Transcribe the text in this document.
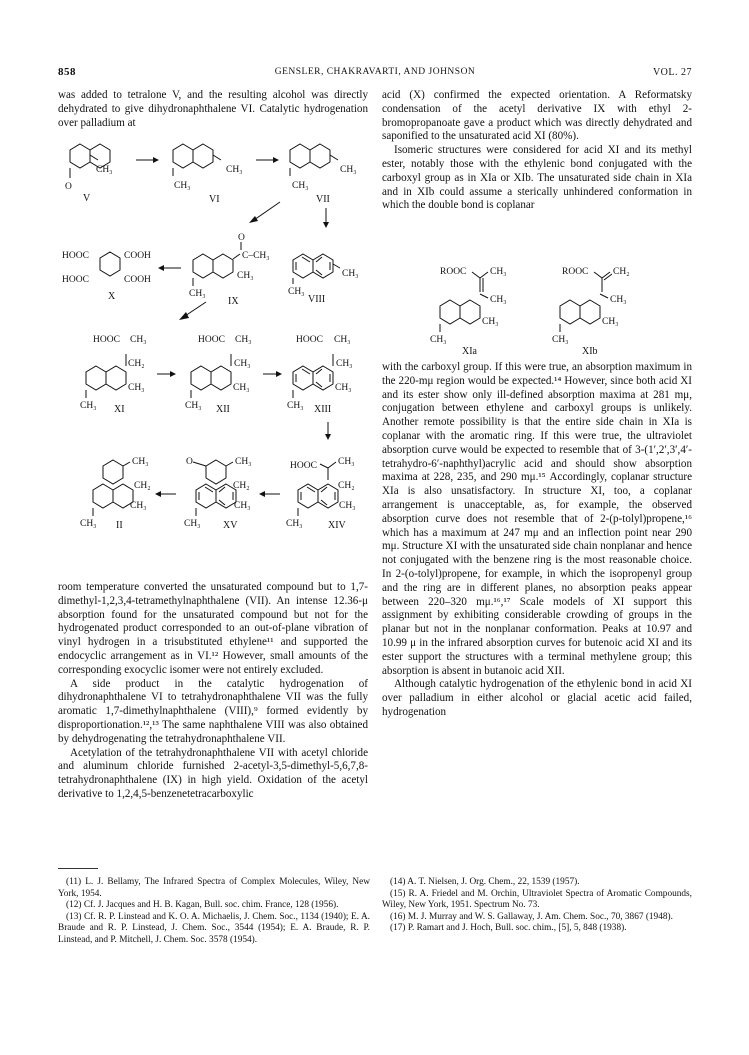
858	GENSLER, CHAKRAVARTI, AND JOHNSON	VOL. 27

was added to tetralone V, and the resulting alcohol was directly dehydrated to give dihydronaphthalene VI. Catalytic hydrogenation over palladium at

CH₃
O
V
CH₃
CH₃
VI
CH₃
CH₃
VII
HOOC
HOOC
COOH
COOH
X
O
C–CH₃
CH₃
CH₃
IX
CH₃
CH₃
VIII
HOOC CH₃	HOOC CH₃	HOOC CH₃
CH₂
CH₃
CH₃ XI
CH₃
CH₃
CH₃ XII
CH₃
CH₃
CH₃ XIII
CH₃
CH₂
CH₃
CH₃ II
O	CH₃
CH₂
CH₃
CH₃ XV
HOOC CH₃
CH₂
CH₃
CH₃	XIV

room temperature converted the unsaturated compound but to 1,7-dimethyl-1,2,3,4-tetramethylnaphthalene (VII). An intense 12.36-μ absorption found for the unsaturated compound but not for the hydrogenated product corresponded to an out-of-plane vibration of vinyl hydrogen in a trisubstituted ethylene¹¹ and supported the endocyclic arrangement as in VI.¹² However, small amounts of the corresponding exocyclic isomer were not entirely excluded.

A side product in the catalytic hydrogenation of dihydronaphthalene VI to tetrahydronaphthalene VII was the fully aromatic 1,7-dimethylnaphthalene (VIII),⁹ formed evidently by disproportionation.¹²,¹³ The same naphthalene VIII was also obtained by dehydrogenating the tetrahydronaphthalene VII.

Acetylation of the tetrahydronaphthalene VII with acetyl chloride and aluminum chloride furnished 2-acetyl-3,5-dimethyl-5,6,7,8-tetrahydronaphthalene (IX) in high yield. Oxidation of the acetyl derivative to 1,2,4,5-benzenetetracarboxylic

acid (X) confirmed the expected orientation. A Reformatsky condensation of the acetyl derivative IX with ethyl 2-bromopropanoate gave a product which was directly dehydrated and saponified to the unsaturated acid XI (80%).

Isomeric structures were considered for acid XI and its methyl ester, notably those with the ethylenic bond conjugated with the carboxyl group as in XIa or XIb. The unsaturated side chain in XIa and in XIb could assume a sterically unhindered conformation in which the double bond is coplanar

ROOC CH₃
CH₃
CH₃
CH₃
XIa
ROOC	CH₂
CH₃
CH₃
CH₃
XIb

with the carboxyl group. If this were true, an absorption maximum in the 220-mμ region would be expected.¹⁴ However, since both acid XI and its ester show only ill-defined absorption maxima at 281 mμ, conjugation between ethylene and carboxyl groups is unlikely. Another remote possibility is that the entire side chain in XIa is coplanar with the aromatic ring. If this were true, the ultraviolet absorption curve would be expected to resemble that of 3-(1′,2′,3′,4′-tetrahydro-6′-naphthyl)acrylic acid and should show absorption maxima at 228, 235, and 290 mμ.¹⁵ Accordingly, coplanar structure XIa is also unsatisfactory. In structure XI, too, a coplanar arrangement is unacceptable, as, for example, the observed absorption curve does not resemble that of 2-(p-tolyl)propene,¹⁶ which has a maximum at 247 mμ and an inflection point near 290 mμ. Structure XI with the unsaturated side chain nonplanar and hence not conjugated with the benzene ring is the most reasonable choice. In 2-(o-tolyl)propene, for example, in which the isopropenyl group and the ring are in different planes, no absorption peaks appear between 220–320 mμ.¹⁶,¹⁷ Scale models of XI support this assignment by exhibiting considerable crowding of groups in the planar but not in the nonplanar conformation. Peaks at 10.97 and 10.99 μ in the infrared absorption curves for butenoic acid XI and its ester support the structures with a terminal methylene group; this absorption is absent in butanoic acid XII.

Although catalytic hydrogenation of the ethylenic bond in acid XI over palladium in either alcohol or glacial acetic acid failed, hydrogenation

(11) L. J. Bellamy, The Infrared Spectra of Complex Molecules, Wiley, New York, 1954.
(12) Cf. J. Jacques and H. B. Kagan, Bull. soc. chim. France, 128 (1956).
(13) Cf. R. P. Linstead and K. O. A. Michaelis, J. Chem. Soc., 1134 (1940); E. A. Braude and R. P. Linstead, J. Chem. Soc., 3544 (1954); E. A. Braude, R. P. Linstead, and P. Mitchell, J. Chem. Soc. 3578 (1954).
(14) A. T. Nielsen, J. Org. Chem., 22, 1539 (1957).
(15) R. A. Friedel and M. Orchin, Ultraviolet Spectra of Aromatic Compounds, Wiley, New York, 1951. Spectrum No. 73.
(16) M. J. Murray and W. S. Gallaway, J. Am. Chem. Soc., 70, 3867 (1948).
(17) P. Ramart and J. Hoch, Bull. soc. chim., [5], 5, 848 (1938).
